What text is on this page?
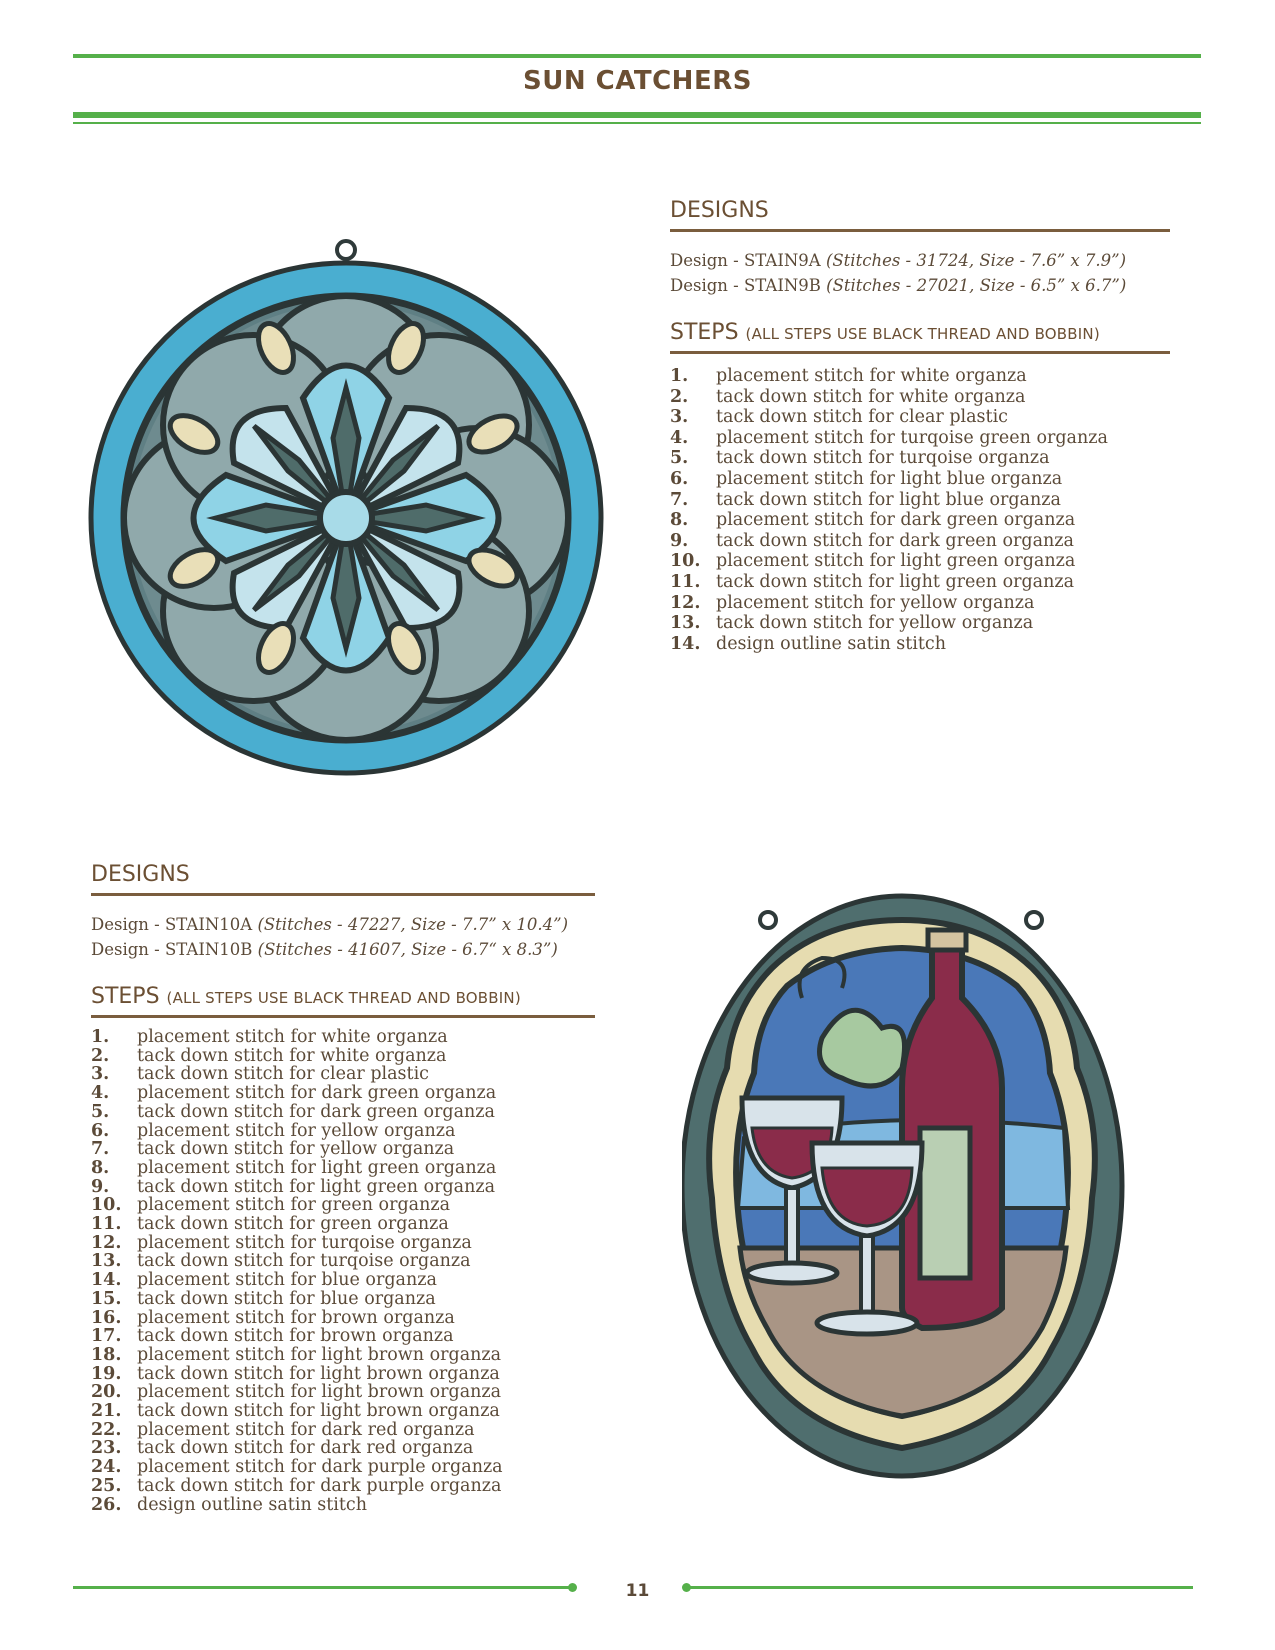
SUN CATCHERS
DESIGNS
Design - STAIN9A (Stitches - 31724, Size - 7.6” x 7.9”)
Design - STAIN9B (Stitches - 27021, Size - 6.5” x 6.7”)
STEPS (ALL STEPS USE BLACK THREAD AND BOBBIN)
1.	placement stitch for white organza
2.	tack down stitch for white organza
3.	tack down stitch for clear plastic
4.	placement stitch for turqoise green organza
5.	tack down stitch for turqoise organza
6.	placement stitch for light blue organza
7.	tack down stitch for light blue organza
8.	placement stitch for dark green organza
9.	tack down stitch for dark green organza
10. placement stitch for light green organza
11. tack down stitch for light green organza
12. placement stitch for yellow organza
13. tack down stitch for yellow organza
14. design outline satin stitch
DESIGNS
Design - STAIN10A (Stitches - 47227, Size - 7.7” x 10.4”)
Design - STAIN10B (Stitches - 41607, Size - 6.7“ x 8.3”)
STEPS (ALL STEPS USE BLACK THREAD AND BOBBIN)
1.	placement stitch for white organza
2.	tack down stitch for white organza
3.	tack down stitch for clear plastic
4.	placement stitch for dark green organza
5.	tack down stitch for dark green organza
6.	placement stitch for yellow organza
7.	tack down stitch for yellow organza
8.	placement stitch for light green organza
9.	tack down stitch for light green organza
10. placement stitch for green organza
11. tack down stitch for green organza
12. placement stitch for turqoise organza
13. tack down stitch for turqoise organza
14. placement stitch for blue organza
15. tack down stitch for blue organza
16. placement stitch for brown organza
17. tack down stitch for brown organza
18. placement stitch for light brown organza
19. tack down stitch for light brown organza
20. placement stitch for light brown organza
21. tack down stitch for light brown organza
22. placement stitch for dark red organza
23. tack down stitch for dark red organza
24. placement stitch for dark purple organza
25. tack down stitch for dark purple organza
26. design outline satin stitch
11
